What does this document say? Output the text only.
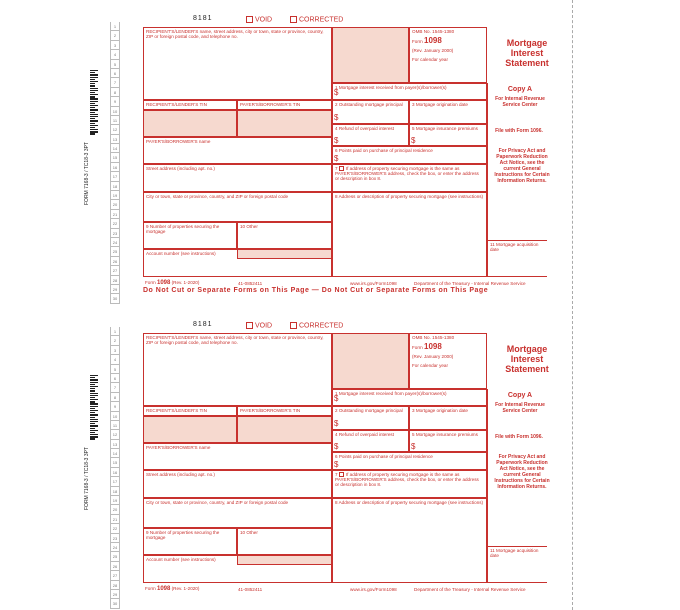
FORM 7168-3 / TC18-3 3PT
1
2
3
4
5
6
7
8
9
10
11
12
13
14
15
16
17
18
19
20
21
22
23
24
25
26
27
28
29
30
8181	VOID	CORRECTED
RECIPIENT'S/LENDER'S name, street address, city or town, state or province, country, ZIP or foreign postal code, and telephone no.
OMB No. 1545-1380
Form 1098
(Rev. January 2000)
For calendar year
Mortgage
Interest
Statement
1 Mortgage interest received from payer(s)/borrower(s)
$
RECIPIENT'S/LENDER'S TIN	PAYER'S/BORROWER'S TIN	2 Outstanding mortgage principal
$
3 Mortgage origination date
4 Refund of overpaid interest
$
5 Mortgage insurance premiums
$
PAYER'S/BORROWER'S name
6 Points paid on purchase of principal residence
$
Street address (including apt. no.)	7 If address of property securing mortgage is the same as PAYER'S/BORROWER'S address, check the box, or enter the address or description in box 8.
City or town, state or province, country, and ZIP or foreign postal code	8 Address or description of property securing mortgage (see instructions)
9 Number of properties securing the mortgage
10 Other
Account number (see instructions)
Copy A
For Internal Revenue Service Center
File with Form 1096.
For Privacy Act and Paperwork Reduction Act Notice, see the current General Instructions for Certain Information Returns.
11 Mortgage acquisition date
Form 1098 (Rev. 1-2020)	41-0852411	www.irs.gov/Form1098	Department of the Treasury - Internal Revenue Service
Do Not Cut or Separate Forms on This Page — Do Not Cut or Separate Forms on This Page
FORM 7168-3 / TC18-3 3PT
1
2
3
4
5
6
7
8
9
10
11
12
13
14
15
16
17
18
19
20
21
22
23
24
25
26
27
28
29
30
8181	VOID	CORRECTED
RECIPIENT'S/LENDER'S name, street address, city or town, state or province, country, ZIP or foreign postal code, and telephone no.
OMB No. 1545-1380
Form 1098
(Rev. January 2000)
For calendar year
Mortgage
Interest
Statement
1 Mortgage interest received from payer(s)/borrower(s)
$
RECIPIENT'S/LENDER'S TIN	PAYER'S/BORROWER'S TIN	2 Outstanding mortgage principal
$
3 Mortgage origination date
4 Refund of overpaid interest
$
5 Mortgage insurance premiums
$
PAYER'S/BORROWER'S name
6 Points paid on purchase of principal residence
$
Street address (including apt. no.)	7 If address of property securing mortgage is the same as PAYER'S/BORROWER'S address, check the box, or enter the address or description in box 8.
City or town, state or province, country, and ZIP or foreign postal code	8 Address or description of property securing mortgage (see instructions)
9 Number of properties securing the mortgage
10 Other
Account number (see instructions)
Copy A
For Internal Revenue Service Center
File with Form 1096.
For Privacy Act and Paperwork Reduction Act Notice, see the current General Instructions for Certain Information Returns.
11 Mortgage acquisition date
Form 1098 (Rev. 1-2020)	41-0852411	www.irs.gov/Form1098	Department of the Treasury - Internal Revenue Service
